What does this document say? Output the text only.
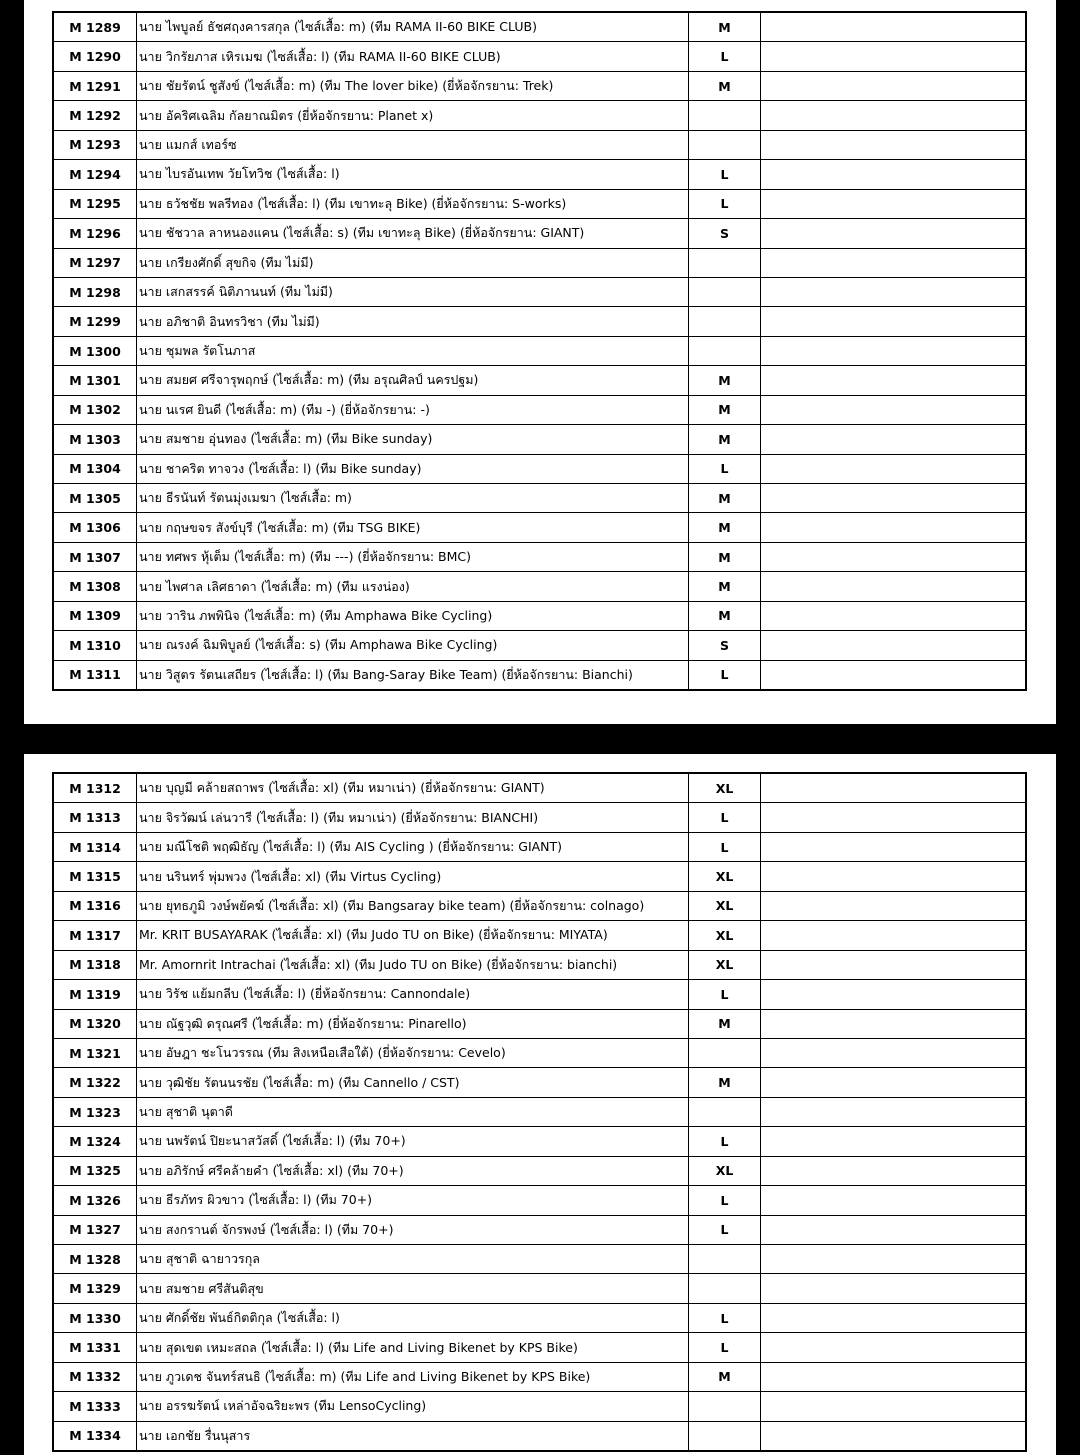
M 1289	นาย ไพบูลย์ ธัชศฤงคารสกุล (ไซส์เสื้อ: m) (ทีม RAMA II-60 BIKE CLUB)	M	
M 1290	นาย วิกรัยภาส เหิรเมฆ (ไซส์เสื้อ: l) (ทีม RAMA II-60 BIKE CLUB)	L	
M 1291	นาย ชัยรัตน์ ชูสังข์ (ไซส์เสื้อ: m) (ทีม The lover bike) (ยี่ห้อจักรยาน: Trek)	M	
M 1292	นาย อัคริศเฉลิม กัลยาณมิตร (ยี่ห้อจักรยาน: Planet x)		
M 1293	นาย แมกส์ เทอร์ซ		
M 1294	นาย ไบรอันเทพ วัยโทวิช (ไซส์เสื้อ: l)	L	
M 1295	นาย ธวัชชัย พลรีทอง (ไซส์เสื้อ: l) (ทีม เขาทะลุ Bike) (ยี่ห้อจักรยาน: S-works)	L	
M 1296	นาย ชัชวาล ลาหนองแคน (ไซส์เสื้อ: s) (ทีม เขาทะลุ Bike) (ยี่ห้อจักรยาน: GIANT)	S	
M 1297	นาย เกรียงศักดิ์ สุขกิจ (ทีม ไม่มี)		
M 1298	นาย เสกสรรค์ นิติภานนท์ (ทีม ไม่มี)		
M 1299	นาย อภิชาติ อินทรวิชา (ทีม ไม่มี)		
M 1300	นาย ชุมพล รัตโนภาส		
M 1301	นาย สมยศ ศรีจารุพฤกษ์ (ไซส์เสื้อ: m) (ทีม อรุณศิลป์ นครปฐม)	M	
M 1302	นาย นเรศ ยินดี (ไซส์เสื้อ: m) (ทีม -) (ยี่ห้อจักรยาน: -)	M	
M 1303	นาย สมชาย อุ่นทอง (ไซส์เสื้อ: m) (ทีม Bike sunday)	M	
M 1304	นาย ชาคริต ทาจวง (ไซส์เสื้อ: l) (ทีม Bike sunday)	L	
M 1305	นาย ธีรนันท์ รัตนมุ่งเมฆา (ไซส์เสื้อ: m)	M	
M 1306	นาย กฤษขจร สังข์บุรี (ไซส์เสื้อ: m) (ทีม TSG BIKE)	M	
M 1307	นาย ทศพร หุ้เต็ม (ไซส์เสื้อ: m) (ทีม ---) (ยี่ห้อจักรยาน: BMC)	M	
M 1308	นาย ไพศาล เลิศธาดา (ไซส์เสื้อ: m) (ทีม แรงน่อง)	M	
M 1309	นาย วาริน ภพพินิจ (ไซส์เสื้อ: m) (ทีม Amphawa Bike Cycling)	M	
M 1310	นาย ณรงค์ ฉิมพิบูลย์ (ไซส์เสื้อ: s) (ทีม Amphawa Bike Cycling)	S	
M 1311	นาย วิสูตร รัตนเสถียร (ไซส์เสื้อ: l) (ทีม Bang-Saray Bike Team) (ยี่ห้อจักรยาน: Bianchi)	L	
M 1312	นาย บุญมี คล้ายสถาพร (ไซส์เสื้อ: xl) (ทีม หมาเน่า) (ยี่ห้อจักรยาน: GIANT)	XL	
M 1313	นาย จิรวัฒน์ เล่นวารี (ไซส์เสื้อ: l) (ทีม หมาเน่า) (ยี่ห้อจักรยาน: BIANCHI)	L	
M 1314	นาย มณีโชติ พฤฒิธัญ (ไซส์เสื้อ: l) (ทีม AIS Cycling ) (ยี่ห้อจักรยาน: GIANT)	L	
M 1315	นาย นรินทร์ พุ่มพวง (ไซส์เสื้อ: xl) (ทีม Virtus Cycling)	XL	
M 1316	นาย ยุทธภูมิ วงษ์พยัคฆ์ (ไซส์เสื้อ: xl) (ทีม Bangsaray bike team) (ยี่ห้อจักรยาน: colnago)	XL	
M 1317	Mr. KRIT BUSAYARAK (ไซส์เสื้อ: xl) (ทีม Judo TU on Bike) (ยี่ห้อจักรยาน: MIYATA)	XL	
M 1318	Mr. Amornrit Intrachai (ไซส์เสื้อ: xl) (ทีม Judo TU on Bike) (ยี่ห้อจักรยาน: bianchi)	XL	
M 1319	นาย วิรัช แย้มกลีบ (ไซส์เสื้อ: l) (ยี่ห้อจักรยาน: Cannondale)	L	
M 1320	นาย ณัฐวุฒิ ดรุณศรี (ไซส์เสื้อ: m) (ยี่ห้อจักรยาน: Pinarello)	M	
M 1321	นาย อัษฎา ชะโนวรรณ (ทีม สิงเหนือเสือใต้) (ยี่ห้อจักรยาน: Cevelo)		
M 1322	นาย วุฒิชัย รัตนนรชัย (ไซส์เสื้อ: m) (ทีม Cannello / CST)	M	
M 1323	นาย สุชาติ นุตาดี		
M 1324	นาย นพรัตน์ ปิยะนาสวัสดิ์ (ไซส์เสื้อ: l) (ทีม 70+)	L	
M 1325	นาย อภิรักษ์ ศรีคล้ายคำ (ไซส์เสื้อ: xl) (ทีม 70+)	XL	
M 1326	นาย ธีรภัทร ผิวขาว (ไซส์เสื้อ: l) (ทีม 70+)	L	
M 1327	นาย สงกรานต์ จักรพงษ์ (ไซส์เสื้อ: l) (ทีม 70+)	L	
M 1328	นาย สุชาติ ฉายาวรกุล		
M 1329	นาย สมชาย ศรีสันติสุข		
M 1330	นาย ศักดิ์ชัย พันธ์กิตติกุล (ไซส์เสื้อ: l)	L	
M 1331	นาย สุดเขต เหมะสถล (ไซส์เสื้อ: l) (ทีม Life and Living Bikenet by KPS Bike)	L	
M 1332	นาย ภูวเดช จันทร์สนธิ (ไซส์เสื้อ: m) (ทีม Life and Living Bikenet by KPS Bike)	M	
M 1333	นาย อรรฆรัตน์ เหล่าอัจฉริยะพร (ทีม LensoCycling)		
M 1334	นาย เอกชัย รื่นนุสาร		
